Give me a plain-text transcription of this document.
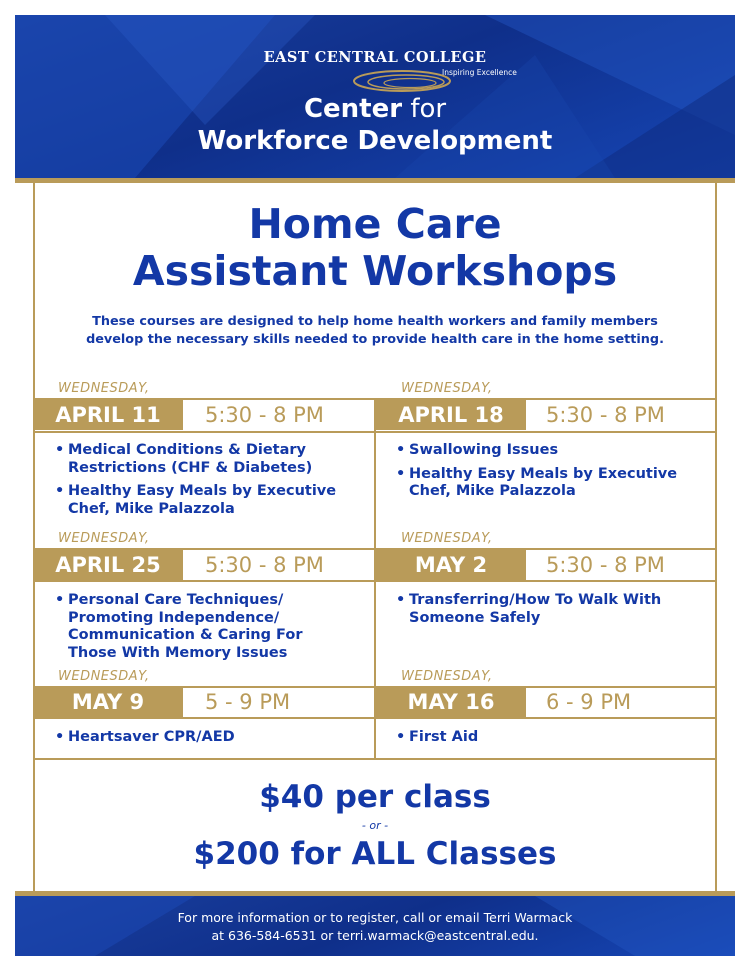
EAST CENTRAL COLLEGE
Inspiring Excellence
Center for
Workforce Development
Home Care
Assistant Workshops
These courses are designed to help home health workers and family members
develop the necessary skills needed to provide health care in the home setting.
WEDNESDAY,
APRIL 11	5:30 - 8 PM
• Medical Conditions & Dietary Restrictions (CHF & Diabetes)
• Healthy Easy Meals by Executive Chef, Mike Palazzola
WEDNESDAY,
APRIL 18	5:30 - 8 PM
• Swallowing Issues
• Healthy Easy Meals by Executive Chef, Mike Palazzola
WEDNESDAY,
APRIL 25	5:30 - 8 PM
• Personal Care Techniques/ Promoting Independence/ Communication & Caring For Those With Memory Issues
WEDNESDAY,
MAY 2	5:30 - 8 PM
• Transferring/How To Walk With Someone Safely
WEDNESDAY,
MAY 9	5 - 9 PM
• Heartsaver CPR/AED
WEDNESDAY,
MAY 16	6 - 9 PM
• First Aid
$40 per class
- or -
$200 for ALL Classes
For more information or to register, call or email Terri Warmack
at 636-584-6531 or terri.warmack@eastcentral.edu.
